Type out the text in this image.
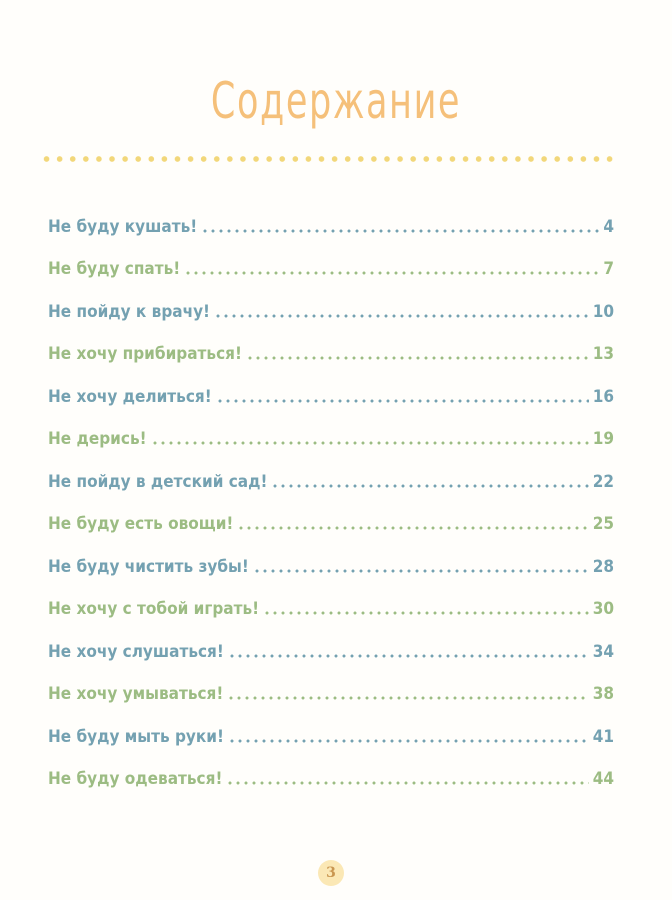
Содержание
Не буду кушать!	4
Не буду спать!	7
Не пойду к врачу!	10
Не хочу прибираться!	13
Не хочу делиться!	16
Не дерись!	19
Не пойду в детский сад!	22
Не буду есть овощи!	25
Не буду чистить зубы!	28
Не хочу с тобой играть!	30
Не хочу слушаться!	34
Не хочу умываться!	38
Не буду мыть руки!	41
Не буду одеваться!	44
3
